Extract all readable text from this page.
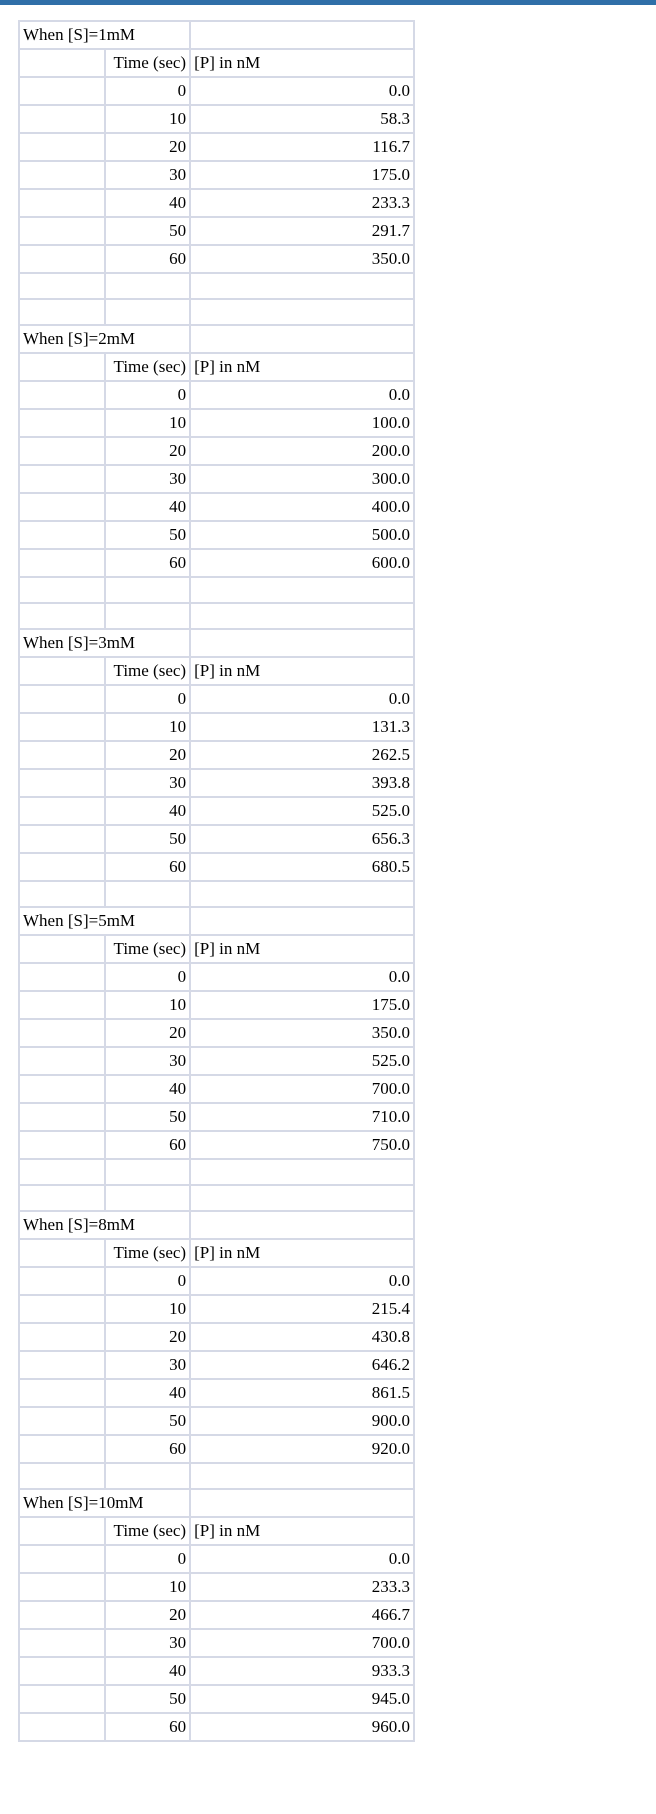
When [S]=1mM		
	Time (sec)	[P] in nM
	0	0.0
	10	58.3
	20	116.7
	30	175.0
	40	233.3
	50	291.7
	60	350.0

When [S]=2mM		
	Time (sec)	[P] in nM
	0	0.0
	10	100.0
	20	200.0
	30	300.0
	40	400.0
	50	500.0
	60	600.0

When [S]=3mM		
	Time (sec)	[P] in nM
	0	0.0
	10	131.3
	20	262.5
	30	393.8
	40	525.0
	50	656.3
	60	680.5

When [S]=5mM		
	Time (sec)	[P] in nM
	0	0.0
	10	175.0
	20	350.0
	30	525.0
	40	700.0
	50	710.0
	60	750.0

When [S]=8mM		
	Time (sec)	[P] in nM
	0	0.0
	10	215.4
	20	430.8
	30	646.2
	40	861.5
	50	900.0
	60	920.0

When [S]=10mM		
	Time (sec)	[P] in nM
	0	0.0
	10	233.3
	20	466.7
	30	700.0
	40	933.3
	50	945.0
	60	960.0
